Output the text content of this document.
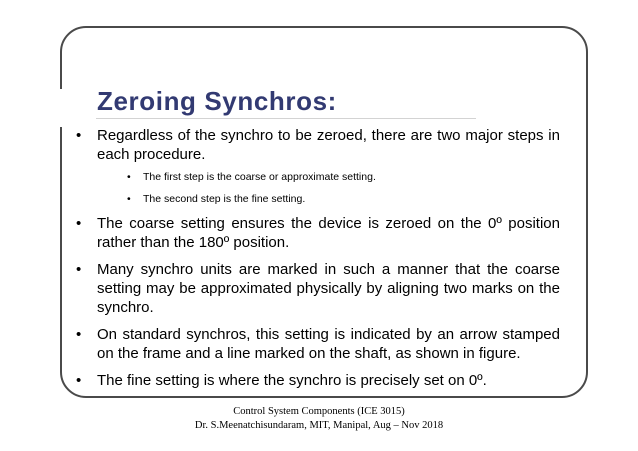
Zeroing Synchros:
• Regardless of the synchro to be zeroed, there are two major steps in each procedure.
• The first step is the coarse or approximate setting.
• The second step is the fine setting.
• The coarse setting ensures the device is zeroed on the 0º position rather than the 180º position.
• Many synchro units are marked in such a manner that the coarse setting may be approximated physically by aligning two marks on the synchro.
• On standard synchros, this setting is indicated by an arrow stamped on the frame and a line marked on the shaft, as shown in figure.
• The fine setting is where the synchro is precisely set on 0º.
Control System Components (ICE 3015)
Dr. S.Meenatchisundaram, MIT, Manipal, Aug – Nov 2018
